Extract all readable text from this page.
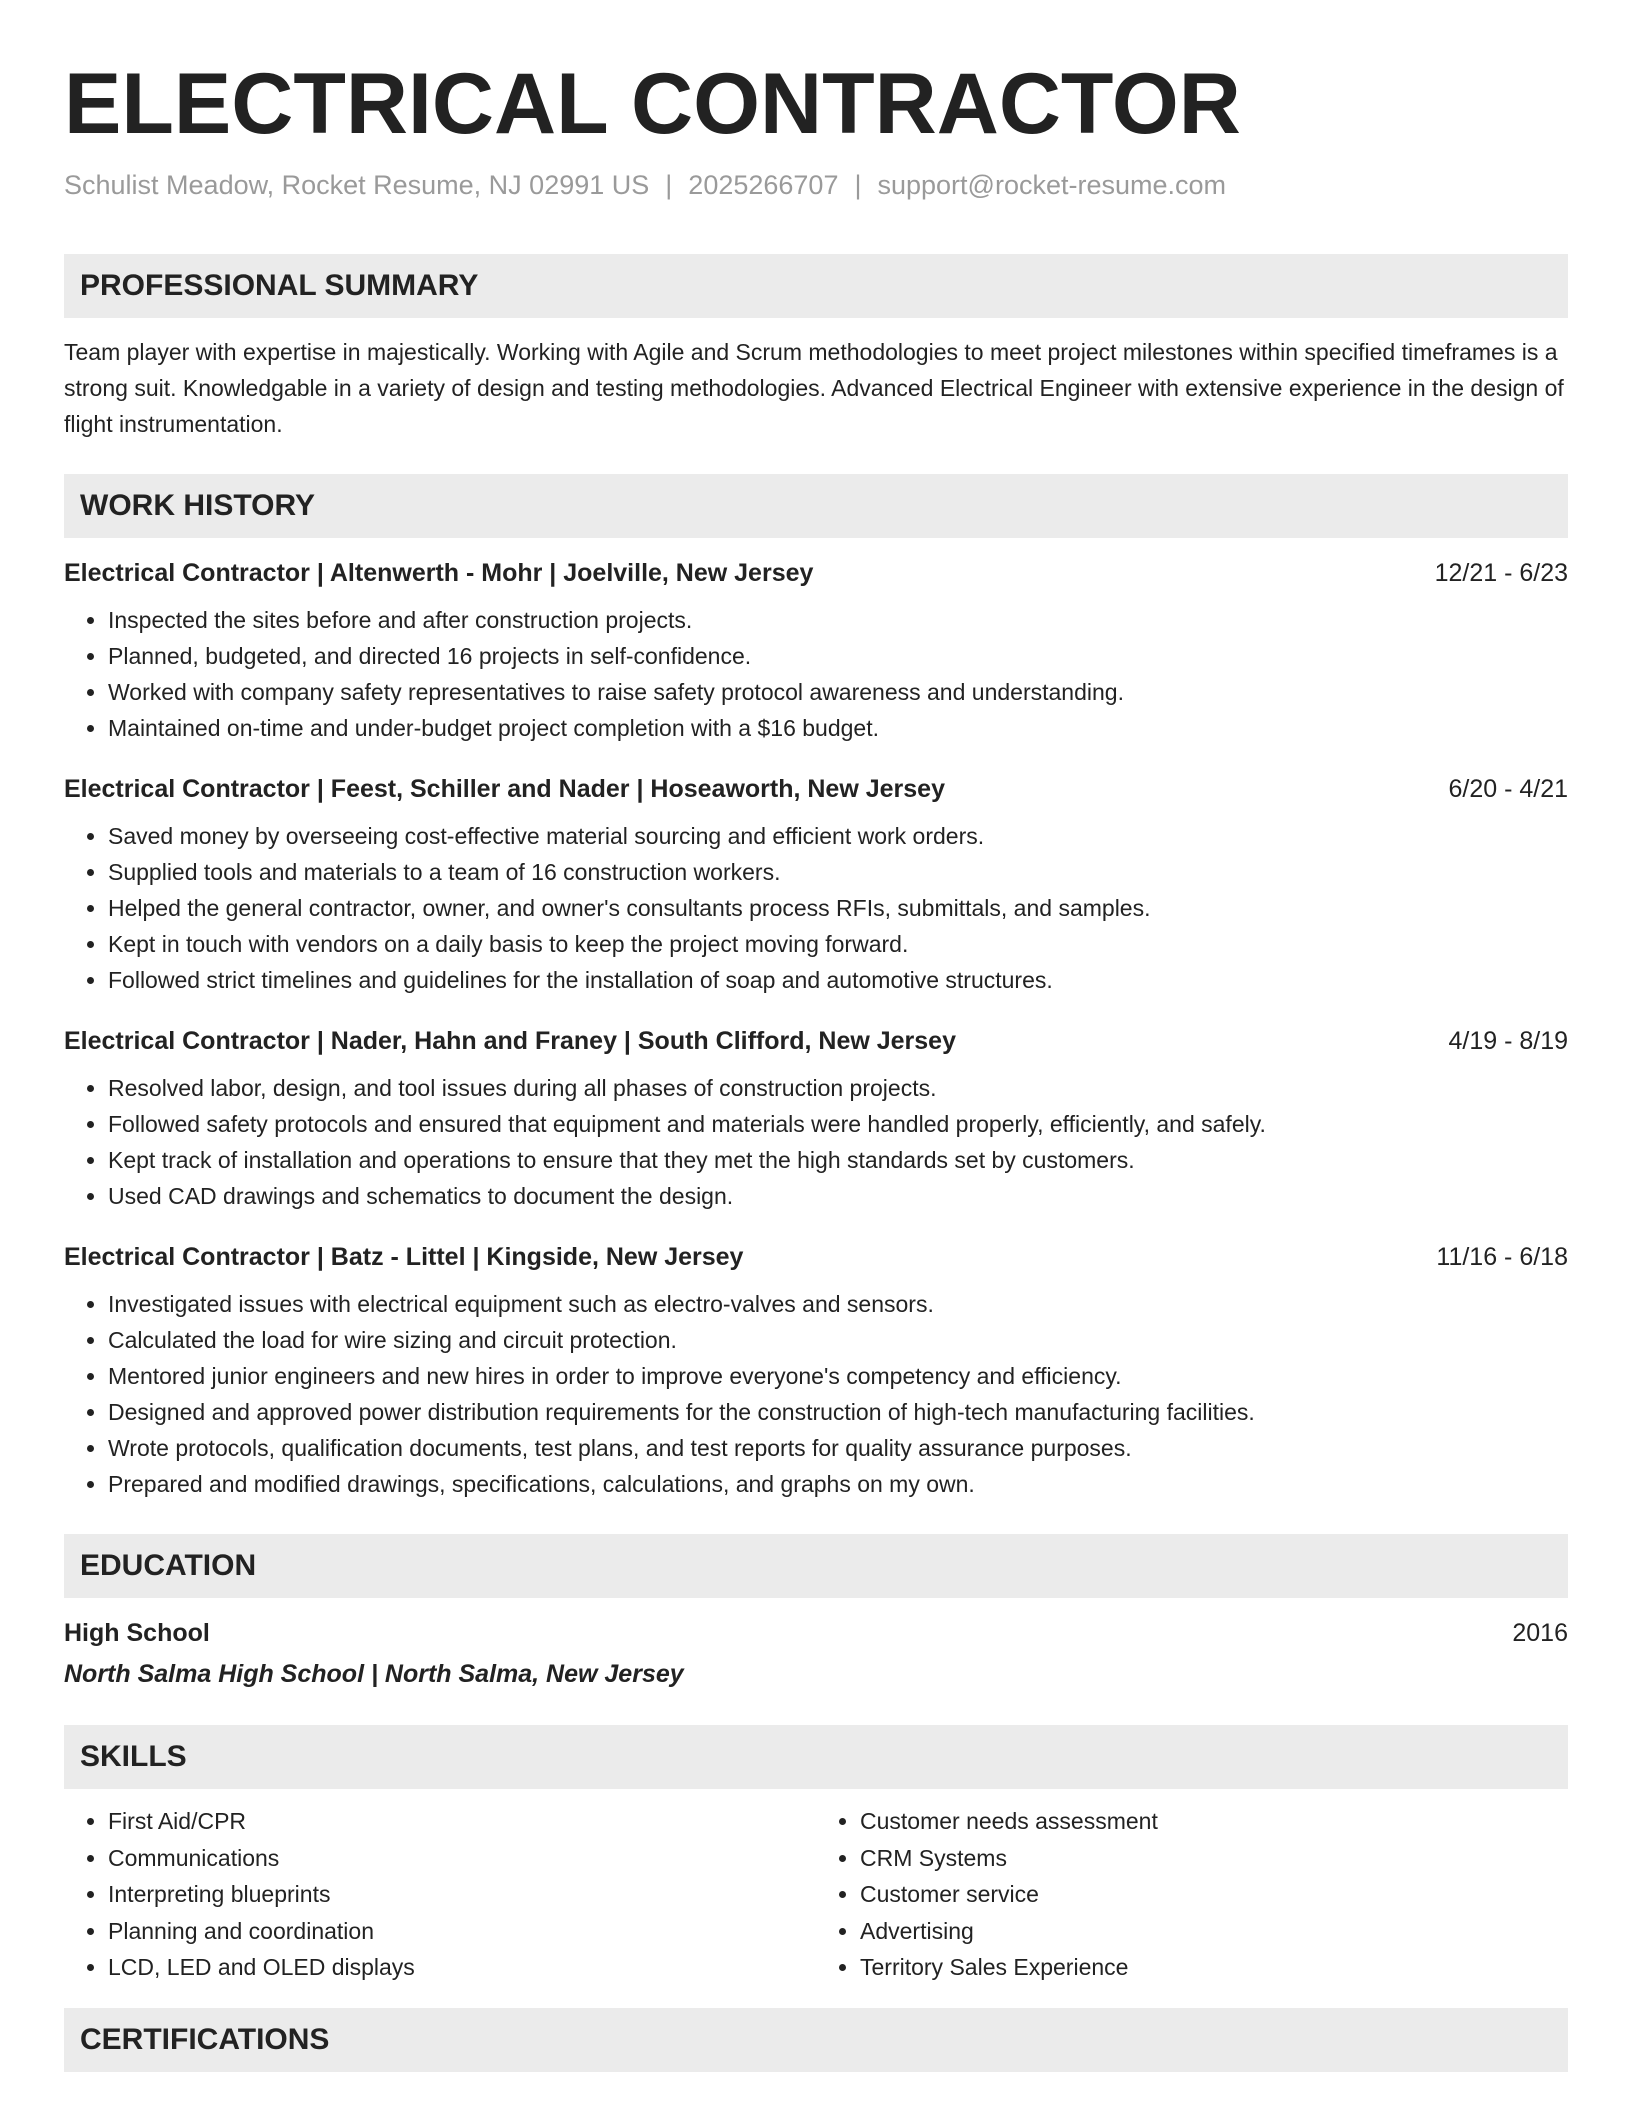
ELECTRICAL CONTRACTOR
Schulist Meadow, Rocket Resume, NJ 02991 US | 2025266707 | support@rocket-resume.com
PROFESSIONAL SUMMARY
Team player with expertise in majestically. Working with Agile and Scrum methodologies to meet project milestones within specified timeframes is a strong suit. Knowledgable in a variety of design and testing methodologies. Advanced Electrical Engineer with extensive experience in the design of flight instrumentation.
WORK HISTORY
Electrical Contractor | Altenwerth - Mohr | Joelville, New Jersey	12/21 - 6/23
• Inspected the sites before and after construction projects.
• Planned, budgeted, and directed 16 projects in self-confidence.
• Worked with company safety representatives to raise safety protocol awareness and understanding.
• Maintained on-time and under-budget project completion with a $16 budget.
Electrical Contractor | Feest, Schiller and Nader | Hoseaworth, New Jersey	6/20 - 4/21
• Saved money by overseeing cost-effective material sourcing and efficient work orders.
• Supplied tools and materials to a team of 16 construction workers.
• Helped the general contractor, owner, and owner's consultants process RFIs, submittals, and samples.
• Kept in touch with vendors on a daily basis to keep the project moving forward.
• Followed strict timelines and guidelines for the installation of soap and automotive structures.
Electrical Contractor | Nader, Hahn and Franey | South Clifford, New Jersey	4/19 - 8/19
• Resolved labor, design, and tool issues during all phases of construction projects.
• Followed safety protocols and ensured that equipment and materials were handled properly, efficiently, and safely.
• Kept track of installation and operations to ensure that they met the high standards set by customers.
• Used CAD drawings and schematics to document the design.
Electrical Contractor | Batz - Littel | Kingside, New Jersey	11/16 - 6/18
• Investigated issues with electrical equipment such as electro-valves and sensors.
• Calculated the load for wire sizing and circuit protection.
• Mentored junior engineers and new hires in order to improve everyone's competency and efficiency.
• Designed and approved power distribution requirements for the construction of high-tech manufacturing facilities.
• Wrote protocols, qualification documents, test plans, and test reports for quality assurance purposes.
• Prepared and modified drawings, specifications, calculations, and graphs on my own.
EDUCATION
High School	2016
North Salma High School | North Salma, New Jersey
SKILLS
• First Aid/CPR
• Communications
• Interpreting blueprints
• Planning and coordination
• LCD, LED and OLED displays
• Customer needs assessment
• CRM Systems
• Customer service
• Advertising
• Territory Sales Experience
CERTIFICATIONS
